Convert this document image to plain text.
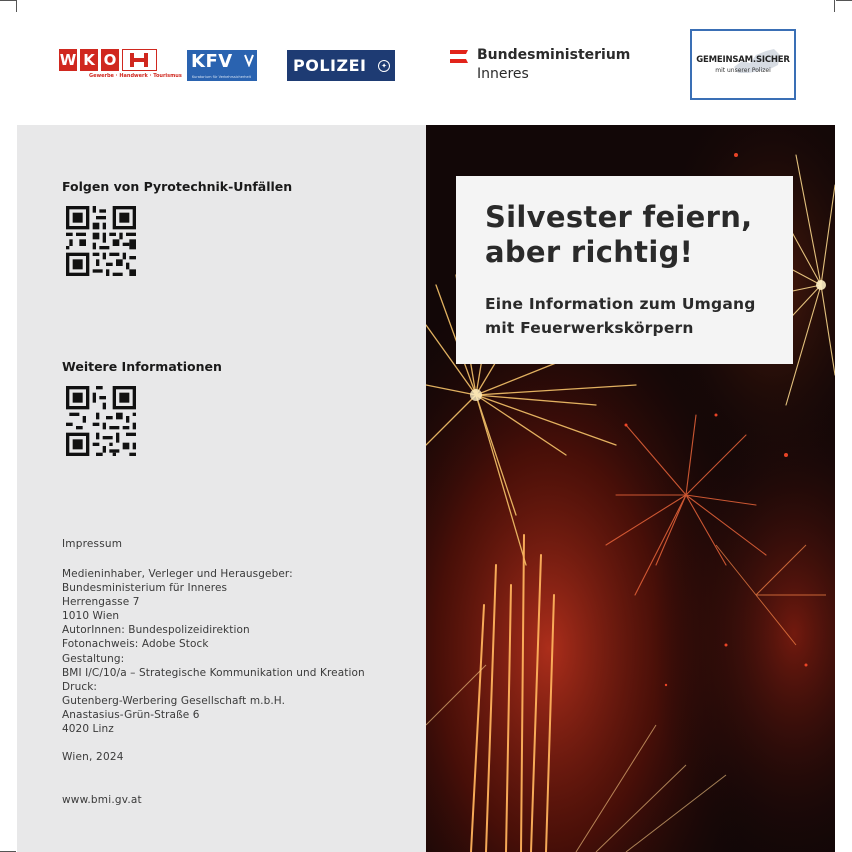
W K O
Gewerbe · Handwerk · Tourismus
KFV
Kuratorium für Verkehrssicherheit
POLIZEI	✦
Bundesministerium
Inneres
GEMEINSAM.SICHER
mit unserer Polizei
Folgen von Pyrotechnik-Unfällen
Weitere Informationen
Impressum
Medieninhaber, Verleger und Herausgeber:
Bundesministerium für Inneres
Herrengasse 7
1010 Wien
AutorInnen: Bundespolizeidirektion
Fotonachweis: Adobe Stock
Gestaltung:
BMI I/C/10/a – Strategische Kommunikation und Kreation
Druck:
Gutenberg-Werbering Gesellschaft m.b.H.
Anastasius-Grün-Straße 6
4020 Linz
Wien, 2024
www.bmi.gv.at
Silvester feiern,
aber richtig!
Eine Information zum Umgang
mit Feuerwerkskörpern
